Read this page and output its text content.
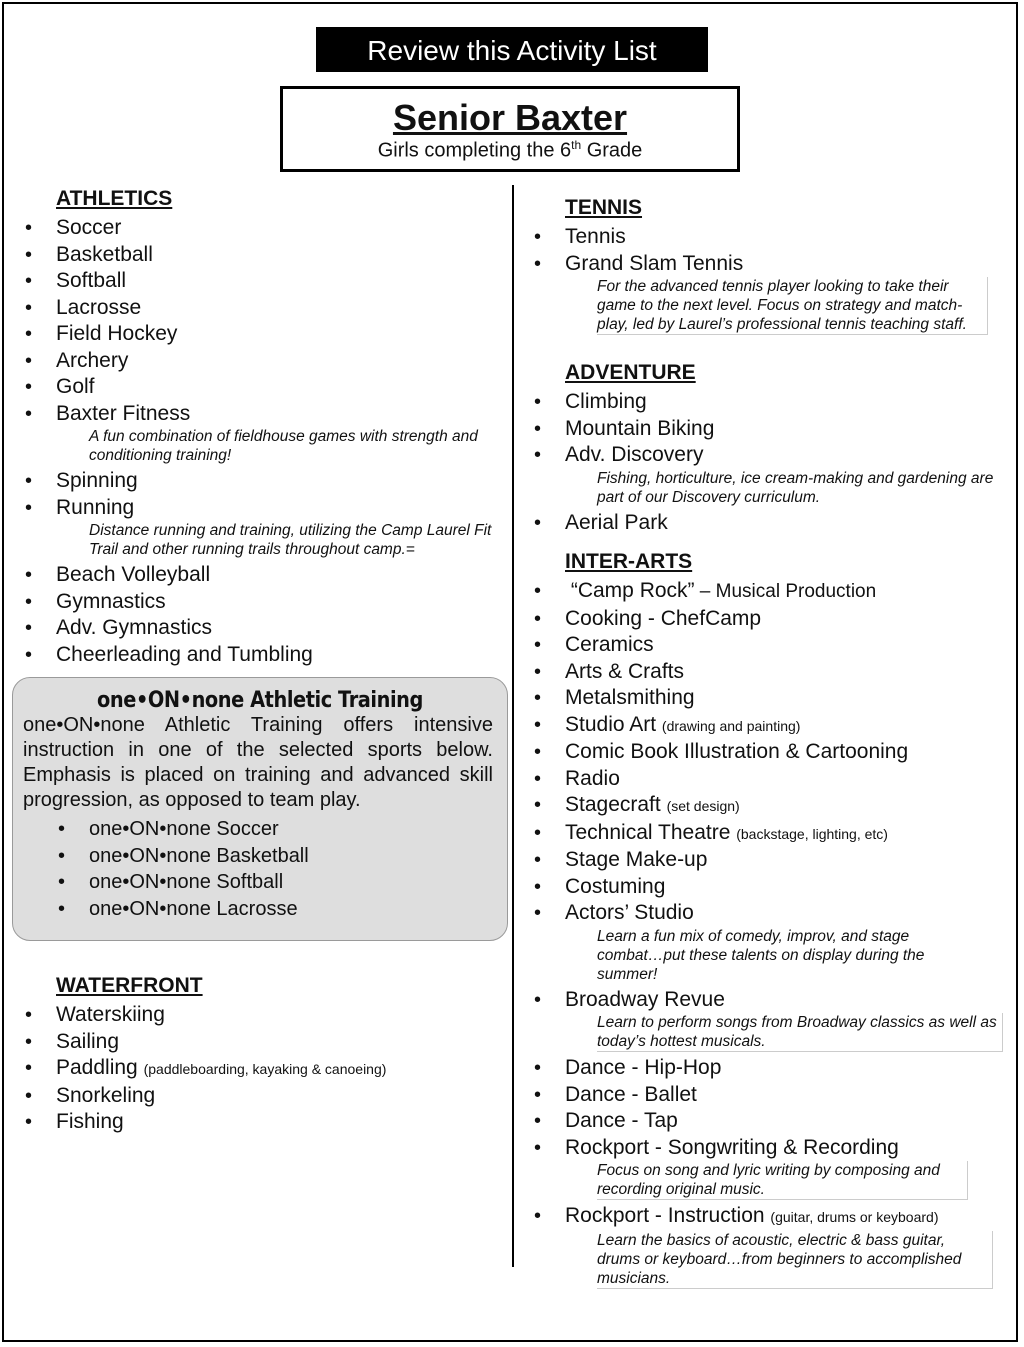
Review this Activity List
Senior Baxter
Girls completing the 6th Grade
ATHLETICS
• Soccer
• Basketball
• Softball
• Lacrosse
• Field Hockey
• Archery
• Golf
• Baxter Fitness
A fun combination of fieldhouse games with strength and conditioning training!
• Spinning
• Running
Distance running and training, utilizing the Camp Laurel Fit Trail and other running trails throughout camp.=
• Beach Volleyball
• Gymnastics
• Adv. Gymnastics
• Cheerleading and Tumbling
one•ON•none Athletic Training
one•ON•none Athletic Training offers intensive instruction in one of the selected sports below. Emphasis is placed on training and advanced skill progression, as opposed to team play.
• one•ON•none Soccer
• one•ON•none Basketball
• one•ON•none Softball
• one•ON•none Lacrosse
WATERFRONT
• Waterskiing
• Sailing
• Paddling (paddleboarding, kayaking & canoeing)
• Snorkeling
• Fishing
TENNIS
• Tennis
• Grand Slam Tennis
For the advanced tennis player looking to take their game to the next level. Focus on strategy and match-play, led by Laurel’s professional tennis teaching staff.
ADVENTURE
• Climbing
• Mountain Biking
• Adv. Discovery
Fishing, horticulture, ice cream-making and gardening are part of our Discovery curriculum.
• Aerial Park
INTER-ARTS
• “Camp Rock” – Musical Production
• Cooking - ChefCamp
• Ceramics
• Arts & Crafts
• Metalsmithing
• Studio Art (drawing and painting)
• Comic Book Illustration & Cartooning
• Radio
• Stagecraft (set design)
• Technical Theatre (backstage, lighting, etc)
• Stage Make-up
• Costuming
• Actors’ Studio
Learn a fun mix of comedy, improv, and stage combat…put these talents on display during the summer!
• Broadway Revue
Learn to perform songs from Broadway classics as well as today’s hottest musicals.
• Dance - Hip-Hop
• Dance - Ballet
• Dance - Tap
• Rockport - Songwriting & Recording
Focus on song and lyric writing by composing and recording original music.
• Rockport - Instruction (guitar, drums or keyboard)
Learn the basics of acoustic, electric & bass guitar, drums or keyboard…from beginners to accomplished musicians.
